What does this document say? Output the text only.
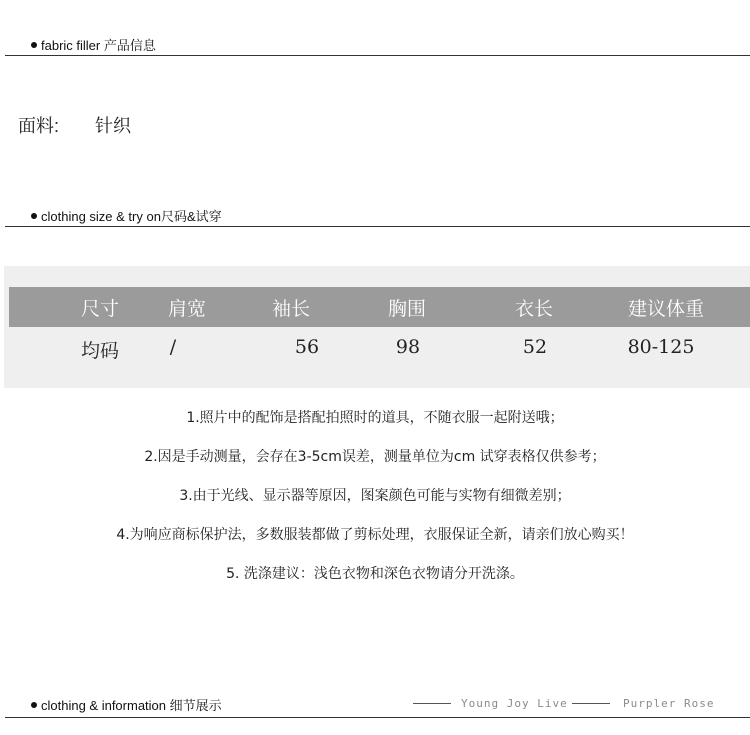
fabric filler 产品信息
面料: 针织
clothing size & try on尺码&试穿
尺寸	肩宽	袖长	胸围	衣长	建议体重
均码	/	56	98	52	80-125
1.照片中的配饰是搭配拍照时的道具，不随衣服一起附送哦；
2.因是手动测量，会存在3-5cm误差，测量单位为cm 试穿表格仅供参考；
3.由于光线、显示器等原因，图案颜色可能与实物有细微差别；
4.为响应商标保护法，多数服装都做了剪标处理，衣服保证全新，请亲们放心购买！
5. 洗涤建议：浅色衣物和深色衣物请分开洗涤。
clothing & information 细节展示	Young Joy Live	Purpler Rose
